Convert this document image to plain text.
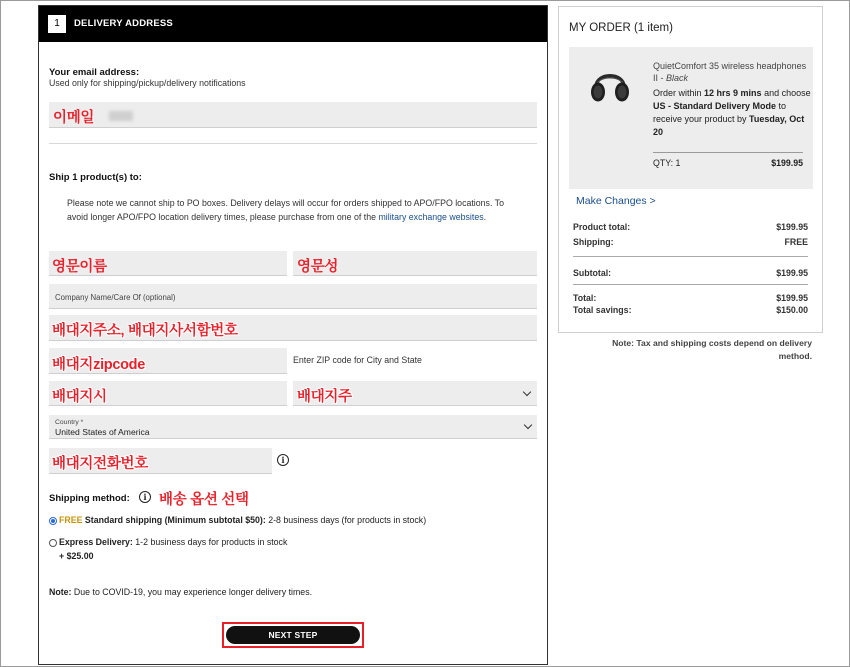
1	DELIVERY ADDRESS
Your email address:
Used only for shipping/pickup/delivery notifications
이메일
Ship 1 product(s) to:
Please note we cannot ship to PO boxes. Delivery delays will occur for orders shipped to APO/FPO locations. To avoid longer APO/FPO location delivery times, please purchase from one of the military exchange websites.
영문이름	영문성
Company Name/Care Of (optional)
배대지주소, 배대지사서함번호
배대지zipcode	Enter ZIP code for City and State
배대지시	배대지주
Country *
United States of America
배대지전화번호	i
Shipping method:	i 배송 옵션 선택
FREE Standard shipping (Minimum subtotal $50): 2-8 business days (for products in stock)
Express Delivery: 1-2 business days for products in stock
+ $25.00
Note: Due to COVID-19, you may experience longer delivery times.
NEXT STEP
MY ORDER (1 item)
QuietComfort 35 wireless headphones II - Black
Order within 12 hrs 9 mins and choose US - Standard Delivery Mode to receive your product by Tuesday, Oct 20
QTY: 1	$199.95
Make Changes >
Product total:	$199.95
Shipping:	FREE
Subtotal:	$199.95
Total:	$199.95
Total savings:	$150.00
Note: Tax and shipping costs depend on delivery method.
